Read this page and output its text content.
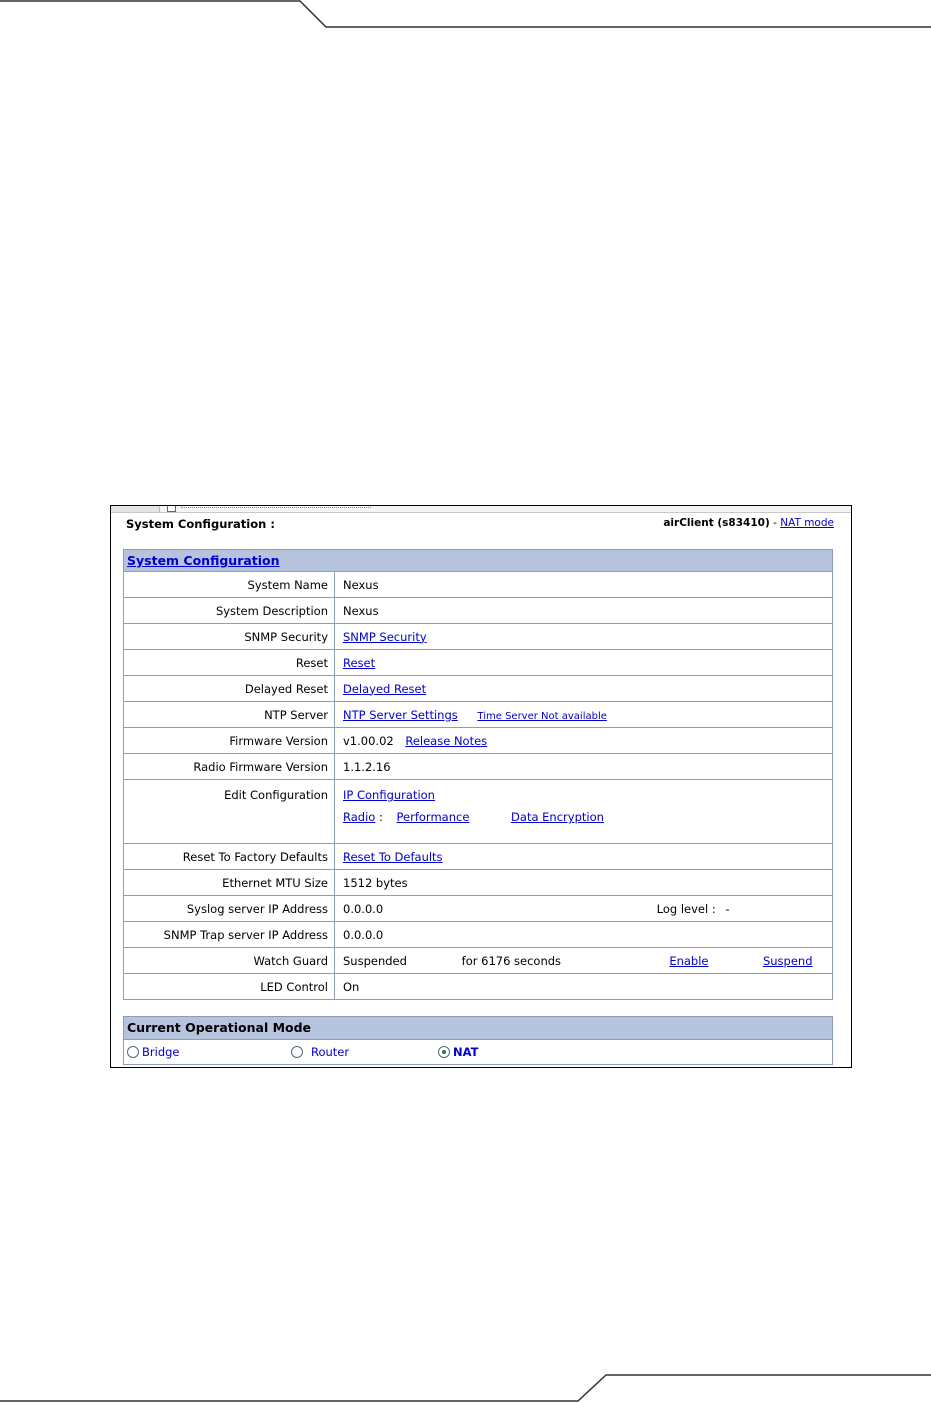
System Configuration :	airClient (s83410) - NAT mode
System Configuration	
System Name	Nexus
System Description	Nexus
SNMP Security	SNMP Security
Reset	Reset
Delayed Reset	Delayed Reset
NTP Server	NTP Server Settings Time Server Not available
Firmware Version	v1.00.02 Release Notes
Radio Firmware Version	1.1.2.16
Edit Configuration	IP Configuration
Radio : Performance Data Encryption

Reset To Factory Defaults	Reset To Defaults
Ethernet MTU Size	1512 bytes
Syslog server IP Address	0.0.0.0 Log level : -
SNMP Trap server IP Address	0.0.0.0
Watch Guard	Suspended for 6176 seconds Enable Suspend
LED Control	On
Current Operational Mode
Bridge	Router	NAT
